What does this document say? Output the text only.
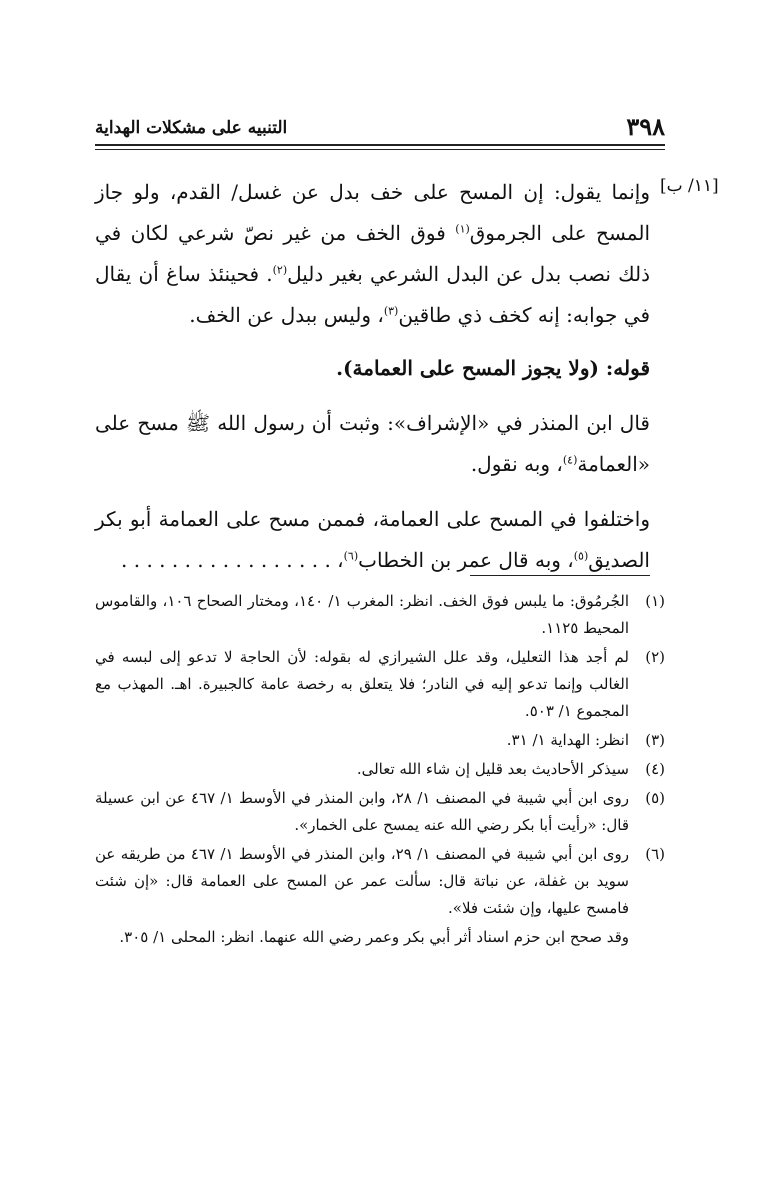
٣٩٨
التنبيه على مشكلات الهداية
[١١/ ب]

وإنما يقول: إن المسح على خف بدل عن غسل/ القدم، ولو جاز المسح على الجرموق$^{(١)}$ فوق الخف من غير نصّ شرعي لكان في ذلك نصب بدل عن البدل الشرعي بغير دليل$^{(٢)}$. فحينئذ ساغ أن يقال في جوابه: إنه كخف ذي طاقين$^{(٣)}$، وليس ببدل عن الخف.

قوله: (ولا يجوز المسح على العمامة).

قال ابن المنذر في «الإشراف»: وثبت أن رسول الله ﷺ مسح على «العمامة$^{(٤)}$، وبه نقول.

واختلفوا في المسح على العمامة، فممن مسح على العمامة أبو بكر الصديق$^{(٥)}$، وبه قال عمر بن الخطاب$^{(٦)}$، . . . . . . . . . . . . . . . . .

(١)
الجُرمُوق: ما يلبس فوق الخف. انظر: المغرب ١/ ١٤٠، ومختار الصحاح ١٠٦، والقاموس المحيط ١١٢٥.
(٢)
لم أجد هذا التعليل، وقد علل الشيرازي له بقوله: لأن الحاجة لا تدعو إلى لبسه في الغالب وإنما تدعو إليه في النادر؛ فلا يتعلق به رخصة عامة كالجبيرة. اهـ. المهذب مع المجموع ١/ ٥٠٣.
(٣)
انظر: الهداية ١/ ٣١.
(٤)
سيذكر الأحاديث بعد قليل إن شاء الله تعالى.
(٥)
روى ابن أبي شيبة في المصنف ١/ ٢٨، وابن المنذر في الأوسط ١/ ٤٦٧ عن ابن عسيلة قال: «رأيت أبا بكر رضي الله عنه يمسح على الخمار».
(٦)
روى ابن أبي شيبة في المصنف ١/ ٢٩، وابن المنذر في الأوسط ١/ ٤٦٧ من طريقه عن سويد بن غفلة، عن نباتة قال: سألت عمر عن المسح على العمامة قال: «إن شئت فامسح عليها، وإن شئت فلا».
وقد صحح ابن حزم اسناد أثر أبي بكر وعمر رضي الله عنهما. انظر: المحلى ١/ ٣٠٥.
